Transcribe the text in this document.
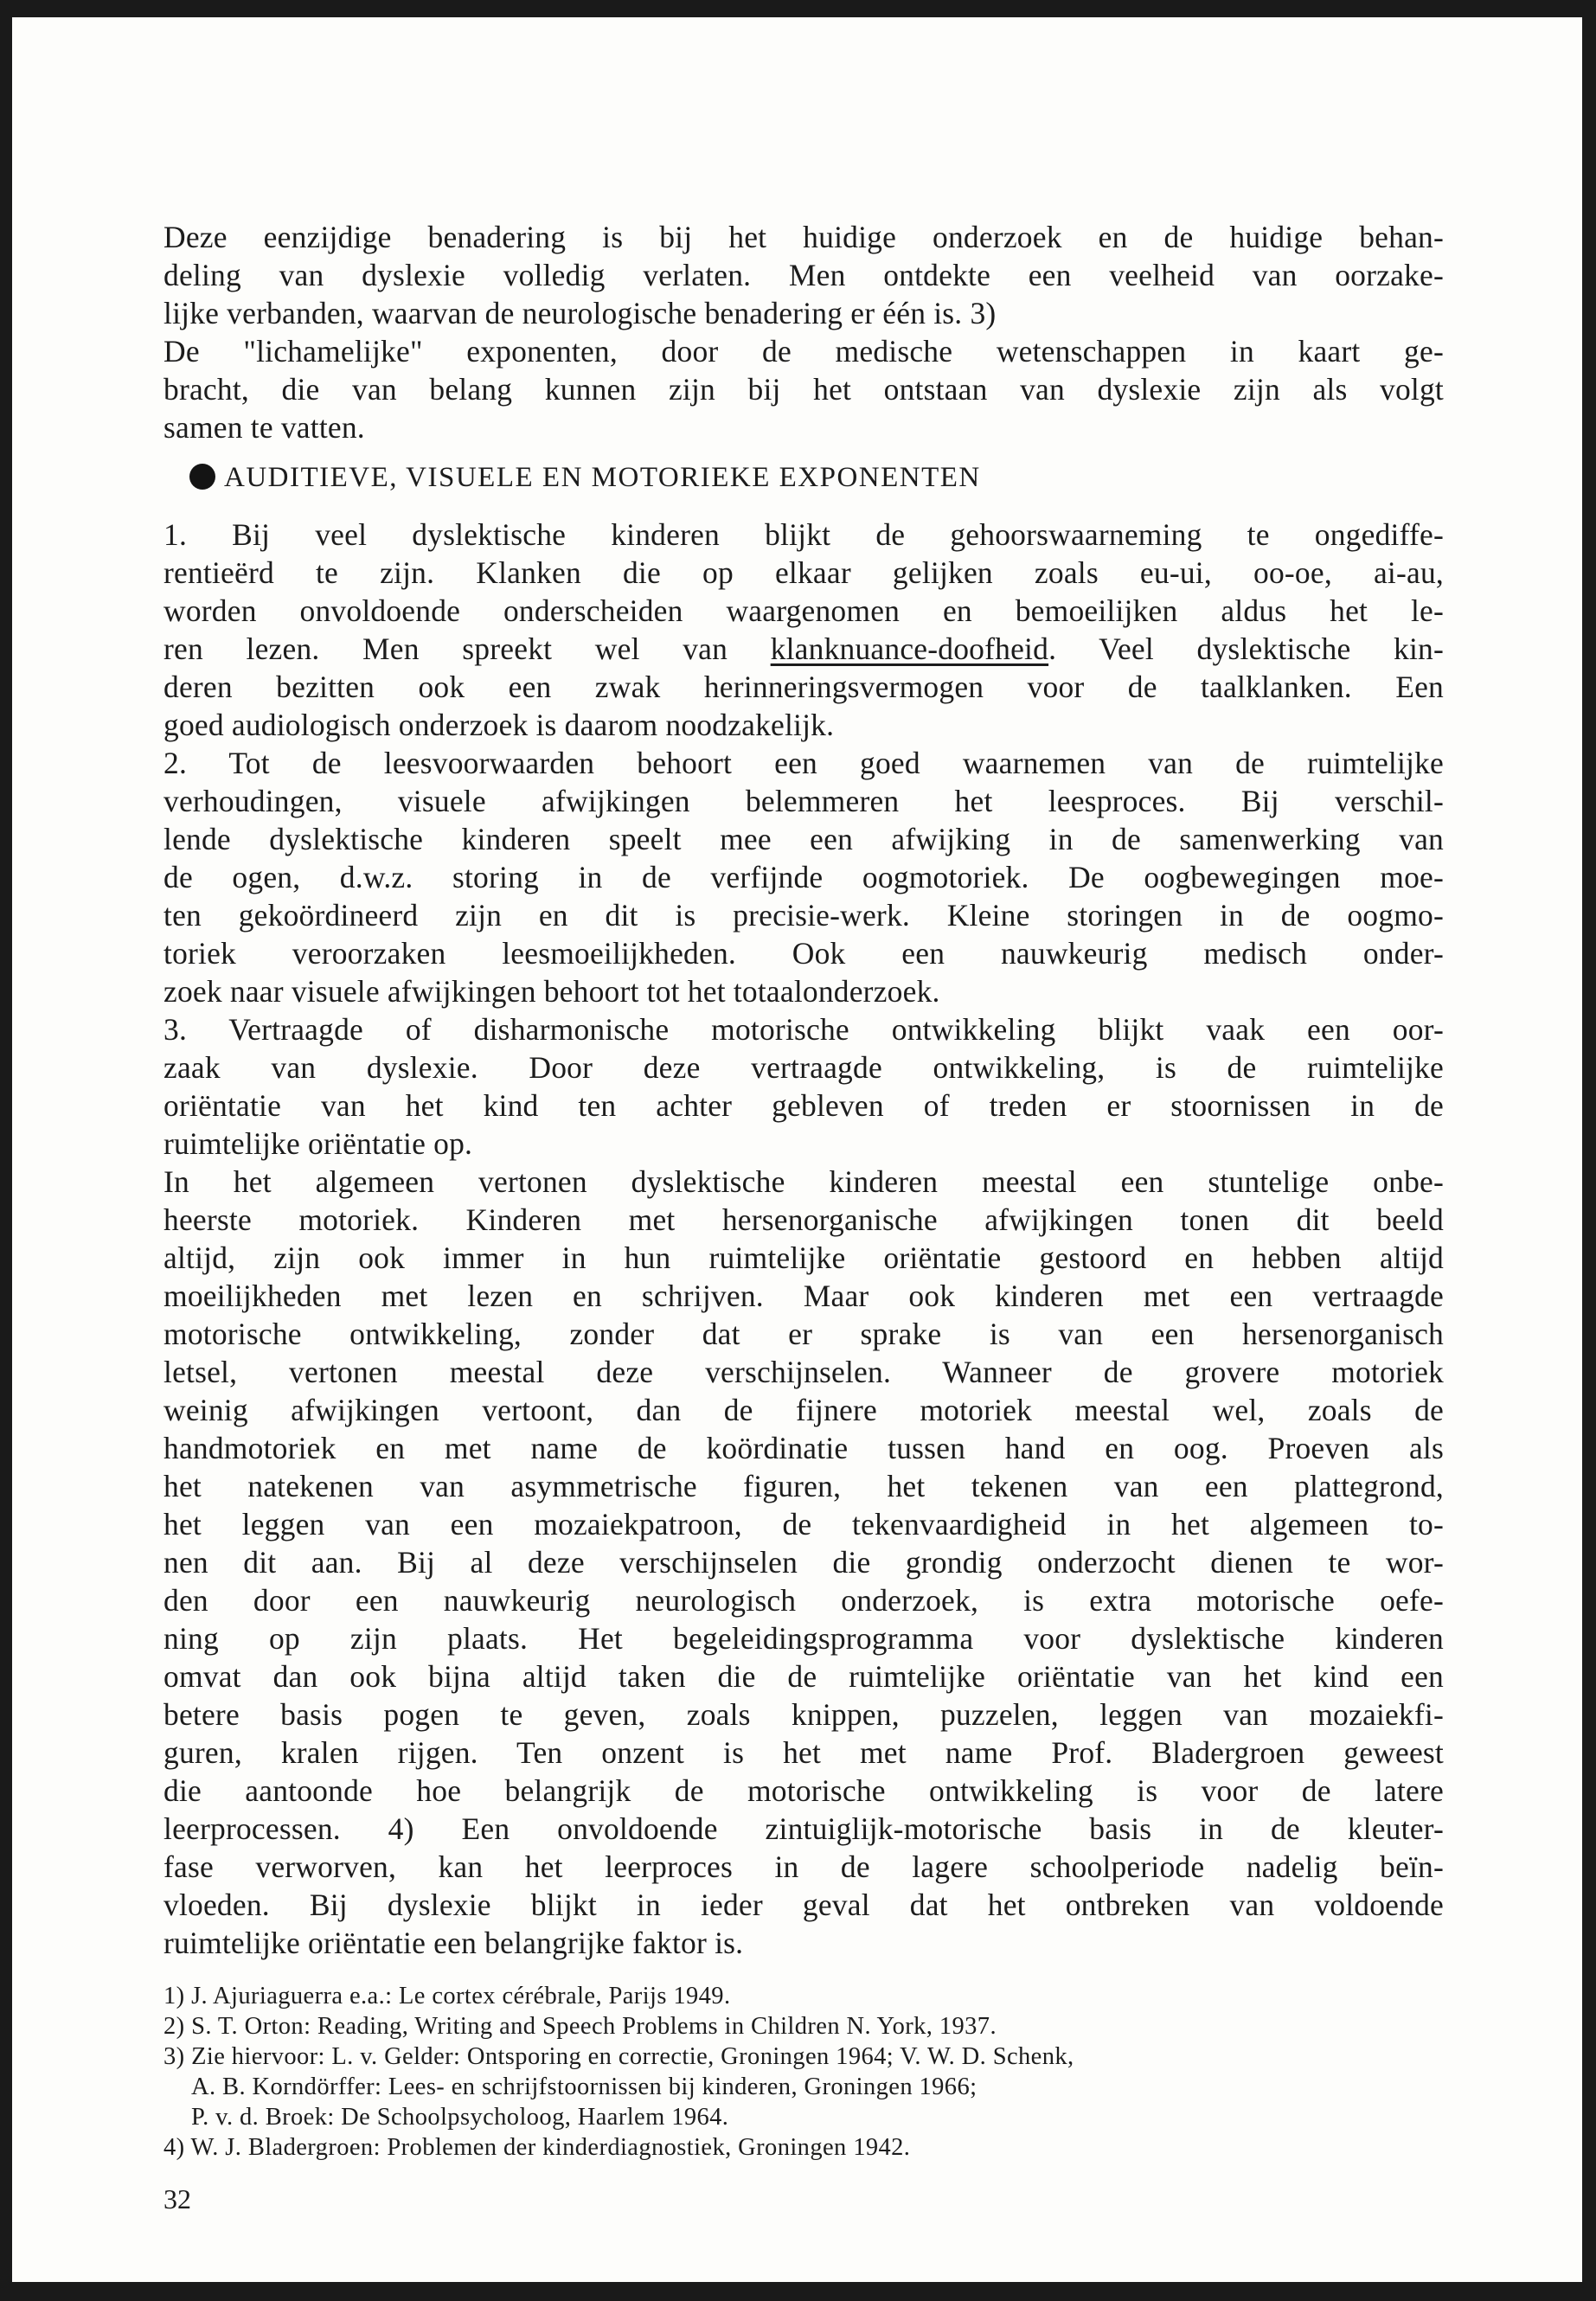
Deze eenzijdige benadering is bij het huidige onderzoek en de huidige behan-
deling van dyslexie volledig verlaten. Men ontdekte een veelheid van oorzake-
lijke verbanden, waarvan de neurologische benadering er één is. 3)
De "lichamelijke" exponenten, door de medische wetenschappen in kaart ge-
bracht, die van belang kunnen zijn bij het ontstaan van dyslexie zijn als volgt
samen te vatten.
AUDITIEVE, VISUELE EN MOTORIEKE EXPONENTEN
1. Bij veel dyslektische kinderen blijkt de gehoorswaarneming te ongediffe-
rentieërd te zijn. Klanken die op elkaar gelijken zoals eu-ui, oo-oe, ai-au,
worden onvoldoende onderscheiden waargenomen en bemoeilijken aldus het le-
ren lezen. Men spreekt wel van klanknuance-doofheid. Veel dyslektische kin-
deren bezitten ook een zwak herinneringsvermogen voor de taalklanken. Een
goed audiologisch onderzoek is daarom noodzakelijk.
2. Tot de leesvoorwaarden behoort een goed waarnemen van de ruimtelijke
verhoudingen, visuele afwijkingen belemmeren het leesproces. Bij verschil-
lende dyslektische kinderen speelt mee een afwijking in de samenwerking van
de ogen, d.w.z. storing in de verfijnde oogmotoriek. De oogbewegingen moe-
ten gekoördineerd zijn en dit is precisie-werk. Kleine storingen in de oogmo-
toriek veroorzaken leesmoeilijkheden. Ook een nauwkeurig medisch onder-
zoek naar visuele afwijkingen behoort tot het totaalonderzoek.
3. Vertraagde of disharmonische motorische ontwikkeling blijkt vaak een oor-
zaak van dyslexie. Door deze vertraagde ontwikkeling, is de ruimtelijke
oriëntatie van het kind ten achter gebleven of treden er stoornissen in de
ruimtelijke oriëntatie op.
In het algemeen vertonen dyslektische kinderen meestal een stuntelige onbe-
heerste motoriek. Kinderen met hersenorganische afwijkingen tonen dit beeld
altijd, zijn ook immer in hun ruimtelijke oriëntatie gestoord en hebben altijd
moeilijkheden met lezen en schrijven. Maar ook kinderen met een vertraagde
motorische ontwikkeling, zonder dat er sprake is van een hersenorganisch
letsel, vertonen meestal deze verschijnselen. Wanneer de grovere motoriek
weinig afwijkingen vertoont, dan de fijnere motoriek meestal wel, zoals de
handmotoriek en met name de koördinatie tussen hand en oog. Proeven als
het natekenen van asymmetrische figuren, het tekenen van een plattegrond,
het leggen van een mozaiekpatroon, de tekenvaardigheid in het algemeen to-
nen dit aan. Bij al deze verschijnselen die grondig onderzocht dienen te wor-
den door een nauwkeurig neurologisch onderzoek, is extra motorische oefe-
ning op zijn plaats. Het begeleidingsprogramma voor dyslektische kinderen
omvat dan ook bijna altijd taken die de ruimtelijke oriëntatie van het kind een
betere basis pogen te geven, zoals knippen, puzzelen, leggen van mozaiekfi-
guren, kralen rijgen. Ten onzent is het met name Prof. Bladergroen geweest
die aantoonde hoe belangrijk de motorische ontwikkeling is voor de latere
leerprocessen. 4) Een onvoldoende zintuiglijk-motorische basis in de kleuter-
fase verworven, kan het leerproces in de lagere schoolperiode nadelig beïn-
vloeden. Bij dyslexie blijkt in ieder geval dat het ontbreken van voldoende
ruimtelijke oriëntatie een belangrijke faktor is.
1) J. Ajuriaguerra e.a.: Le cortex cérébrale, Parijs 1949.
2) S. T. Orton: Reading, Writing and Speech Problems in Children N. York, 1937.
3) Zie hiervoor: L. v. Gelder: Ontsporing en correctie, Groningen 1964; V. W. D. Schenk,
A. B. Korndörffer: Lees- en schrijfstoornissen bij kinderen, Groningen 1966;
P. v. d. Broek: De Schoolpsycholoog, Haarlem 1964.
4) W. J. Bladergroen: Problemen der kinderdiagnostiek, Groningen 1942.
32
